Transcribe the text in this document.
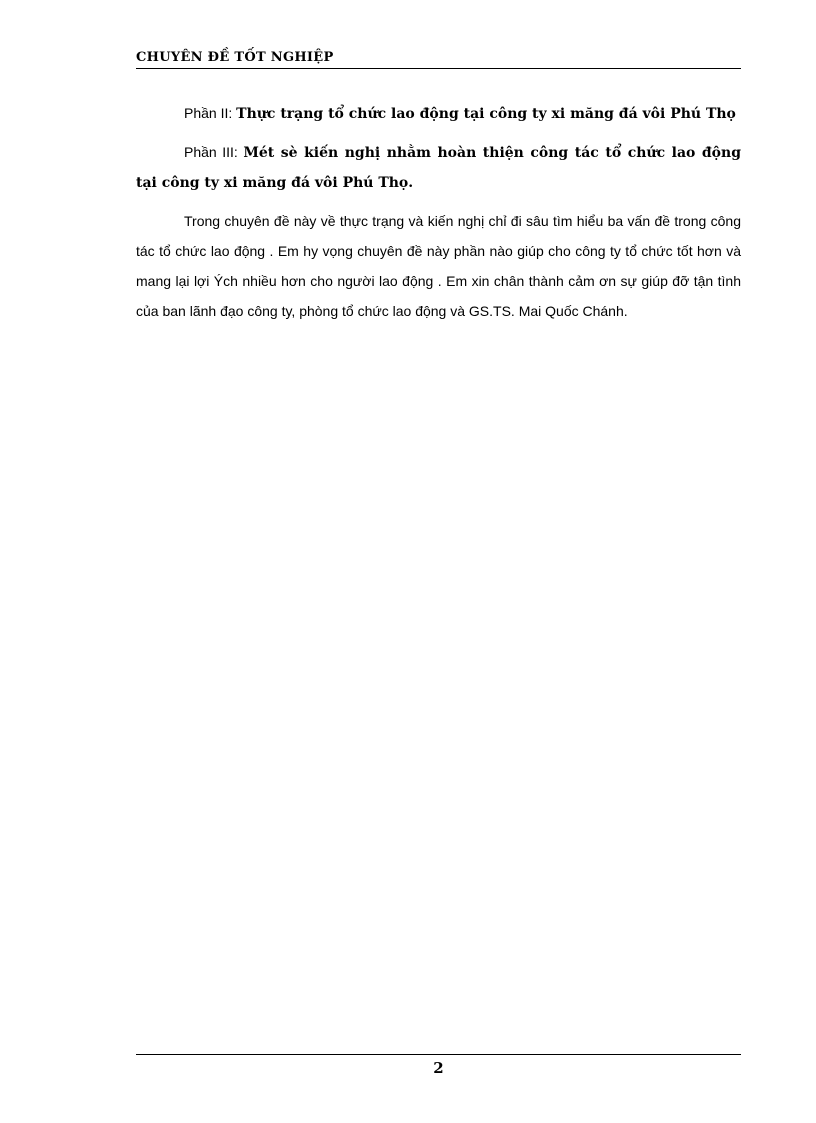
CHUYÊN ĐỀ TỐT NGHIỆP

Phần II: Thực trạng tổ chức lao động tại công ty xi măng đá vôi Phú Thọ

Phần III: Mét sè kiến nghị nhằm hoàn thiện công tác tổ chức lao động tại công ty xi măng đá vôi Phú Thọ.

Trong chuyên đề này về thực trạng và kiến nghị chỉ đi sâu tìm hiểu ba vấn đề trong công tác tổ chức lao động . Em hy vọng chuyên đề này phần nào giúp cho công ty tổ chức tốt hơn và mang lại lợi Ých nhiều hơn cho người lao động . Em xin chân thành cảm ơn sự giúp đỡ tận tình của ban lãnh đạo công ty, phòng tổ chức lao động và GS.TS. Mai Quốc Chánh.

2
